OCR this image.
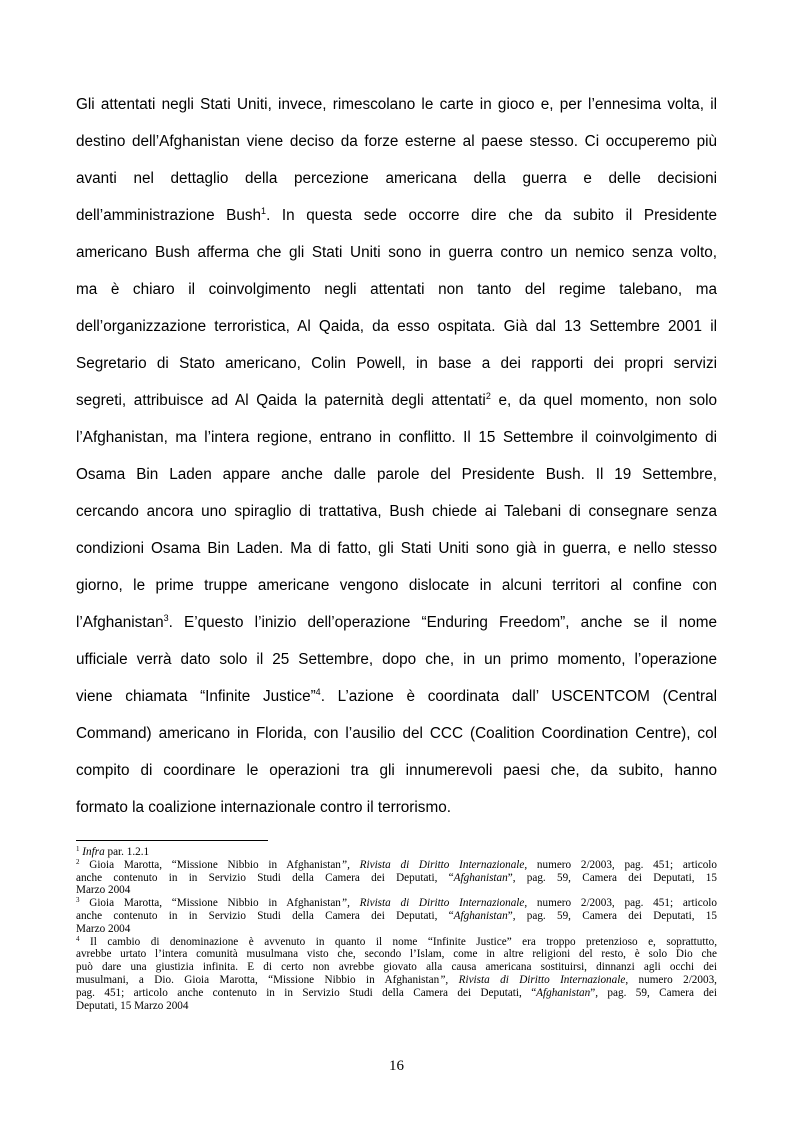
Gli attentati negli Stati Uniti, invece, rimescolano le carte in gioco e, per l’ennesima volta, il
destino dell’Afghanistan viene deciso da forze esterne al paese stesso. Ci occuperemo più
avanti nel dettaglio della percezione americana della guerra e delle decisioni
dell’amministrazione Bush$^1$. In questa sede occorre dire che da subito il Presidente
americano Bush afferma che gli Stati Uniti sono in guerra contro un nemico senza volto,
ma è chiaro il coinvolgimento negli attentati non tanto del regime talebano, ma
dell’organizzazione terroristica, Al Qaida, da esso ospitata. Già dal 13 Settembre 2001 il
Segretario di Stato americano, Colin Powell, in base a dei rapporti dei propri servizi
segreti, attribuisce ad Al Qaida la paternità degli attentati$^2$ e, da quel momento, non solo
l’Afghanistan, ma l’intera regione, entrano in conflitto. Il 15 Settembre il coinvolgimento di
Osama Bin Laden appare anche dalle parole del Presidente Bush. Il 19 Settembre,
cercando ancora uno spiraglio di trattativa, Bush chiede ai Talebani di consegnare senza
condizioni Osama Bin Laden. Ma di fatto, gli Stati Uniti sono già in guerra, e nello stesso
giorno, le prime truppe americane vengono dislocate in alcuni territori al confine con
l’Afghanistan$^3$. E’questo l’inizio dell’operazione “Enduring Freedom”, anche se il nome
ufficiale verrà dato solo il 25 Settembre, dopo che, in un primo momento, l’operazione
viene chiamata “Infinite Justice”$^4$. L’azione è coordinata dall’ USCENTCOM (Central
Command) americano in Florida, con l’ausilio del CCC (Coalition Coordination Centre), col
compito di coordinare le operazioni tra gli innumerevoli paesi che, da subito, hanno
formato la coalizione internazionale contro il terrorismo.
$^1$ Infra par. 1.2.1
$^2$ Gioia Marotta, “Missione Nibbio in Afghanistan”, Rivista di Diritto Internazionale, numero 2/2003, pag. 451; articolo
anche contenuto in in Servizio Studi della Camera dei Deputati, “Afghanistan”, pag. 59, Camera dei Deputati, 15
Marzo 2004
$^3$ Gioia Marotta, “Missione Nibbio in Afghanistan”, Rivista di Diritto Internazionale, numero 2/2003, pag. 451; articolo
anche contenuto in in Servizio Studi della Camera dei Deputati, “Afghanistan”, pag. 59, Camera dei Deputati, 15
Marzo 2004
$^4$ Il cambio di denominazione è avvenuto in quanto il nome “Infinite Justice” era troppo pretenzioso e, soprattutto,
avrebbe urtato l’intera comunità musulmana visto che, secondo l’Islam, come in altre religioni del resto, è solo Dio che
può dare una giustizia infinita. E di certo non avrebbe giovato alla causa americana sostituirsi, dinnanzi agli occhi dei
musulmani, a Dio. Gioia Marotta, “Missione Nibbio in Afghanistan”, Rivista di Diritto Internazionale, numero 2/2003,
pag. 451; articolo anche contenuto in in Servizio Studi della Camera dei Deputati, “Afghanistan”, pag. 59, Camera dei
Deputati, 15 Marzo 2004
16
